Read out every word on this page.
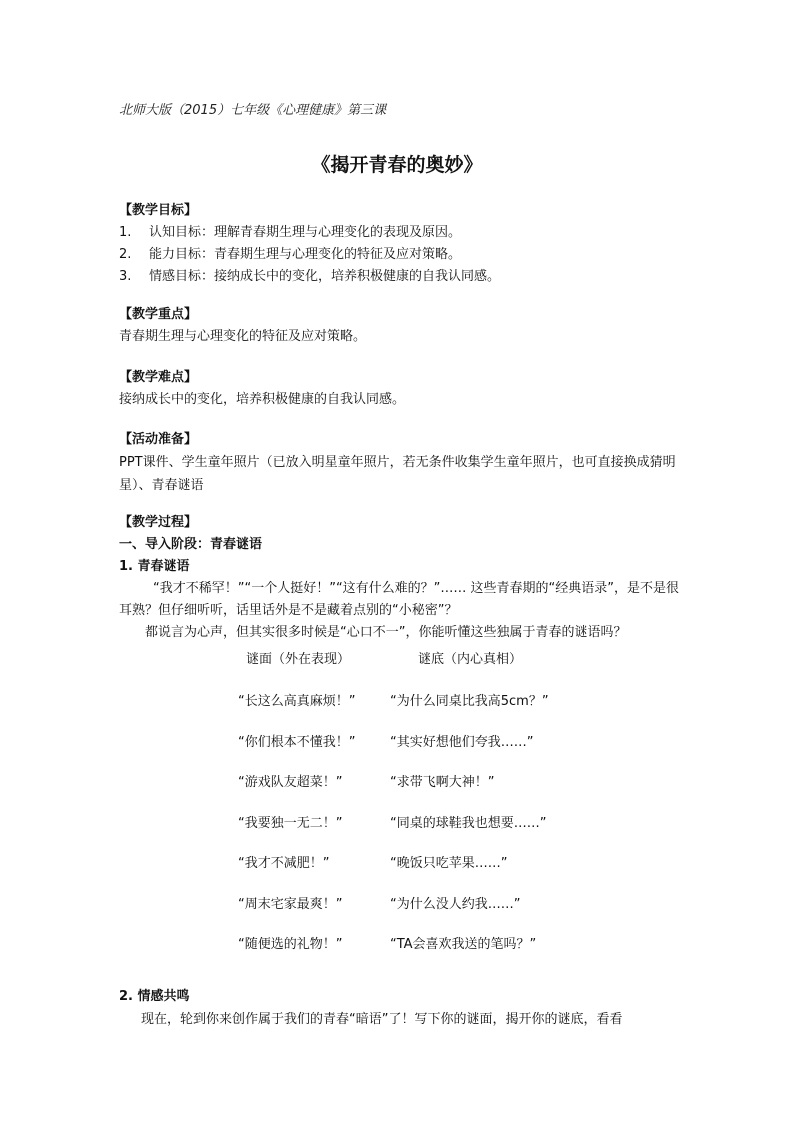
北师大版（2015）七年级《心理健康》第三课
《揭开青春的奥妙》
【教学目标】
1.	认知目标：理解青春期生理与心理变化的表现及原因。
2.	能力目标：青春期生理与心理变化的特征及应对策略。
3.	情感目标：接纳成长中的变化，培养积极健康的自我认同感。
【教学重点】
青春期生理与心理变化的特征及应对策略。
【教学难点】
接纳成长中的变化，培养积极健康的自我认同感。
【活动准备】
PPT课件、学生童年照片（已放入明星童年照片，若无条件收集学生童年照片，也可直接换成猜明星）、青春谜语
【教学过程】
一、导入阶段：青春谜语
1. 青春谜语
“我才不稀罕！”“一个人挺好！”“这有什么难的？”…… 这些青春期的“经典语录”，是不是很耳熟？但仔细听听，话里话外是不是藏着点别的“小秘密”？
都说言为心声，但其实很多时候是“心口不一”，你能听懂这些独属于青春的谜语吗？
谜面（外在表现）	谜底（内心真相）
“长这么高真麻烦！”	“为什么同桌比我高5cm？”
“你们根本不懂我！”	“其实好想他们夸我……”
“游戏队友超菜！”	“求带飞啊大神！”
“我要独一无二！”	“同桌的球鞋我也想要……”
“我才不减肥！”	“晚饭只吃苹果……”
“周末宅家最爽！”	“为什么没人约我……”
“随便选的礼物！”	“TA会喜欢我送的笔吗？”
2. 情感共鸣
现在，轮到你来创作属于我们的青春“暗语”了！写下你的谜面，揭开你的谜底，看看
